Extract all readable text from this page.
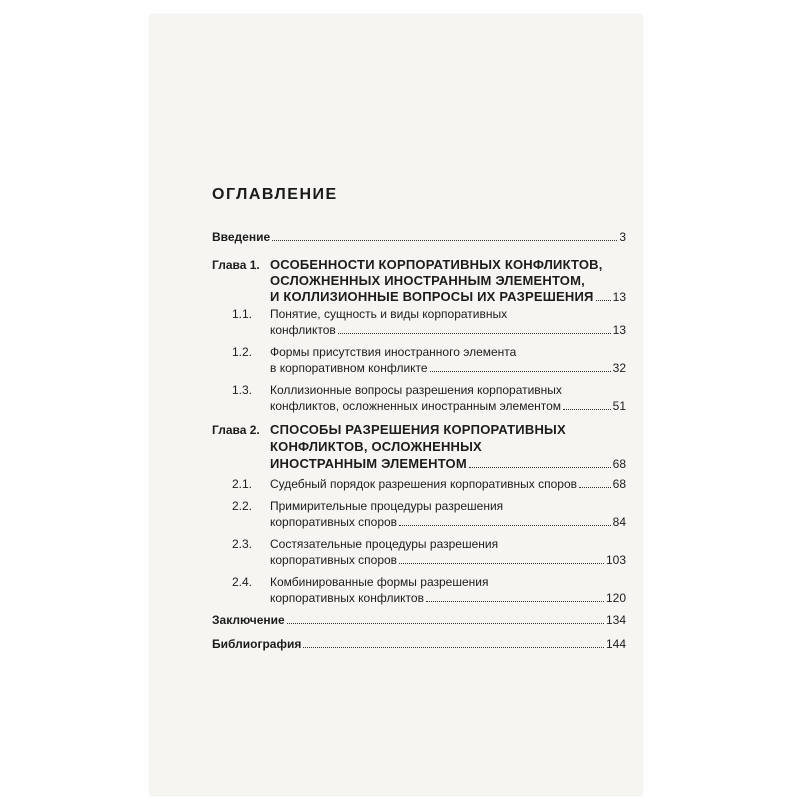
ОГЛАВЛЕНИЕ
Введение	3
Глава 1. ОСОБЕННОСТИ КОРПОРАТИВНЫХ КОНФЛИКТОВ,
ОСЛОЖНЕННЫХ ИНОСТРАННЫМ ЭЛЕМЕНТОМ,
И КОЛЛИЗИОННЫЕ ВОПРОСЫ ИХ РАЗРЕШЕНИЯ 13
1.1. Понятие, сущность и виды корпоративных
конфликтов	13
1.2. Формы присутствия иностранного элемента
в корпоративном конфликте	32
1.3. Коллизионные вопросы разрешения корпоративных
конфликтов, осложненных иностранным элементом	51
Глава 2. СПОСОБЫ РАЗРЕШЕНИЯ КОРПОРАТИВНЫХ
КОНФЛИКТОВ, ОСЛОЖНЕННЫХ
ИНОСТРАННЫМ ЭЛЕМЕНТОМ	68
2.1. Судебный порядок разрешения корпоративных споров	68
2.2. Примирительные процедуры разрешения
корпоративных споров	84
2.3. Состязательные процедуры разрешения
корпоративных споров	103
2.4. Комбинированные формы разрешения
корпоративных конфликтов	120
Заключение	134
Библиография	144
